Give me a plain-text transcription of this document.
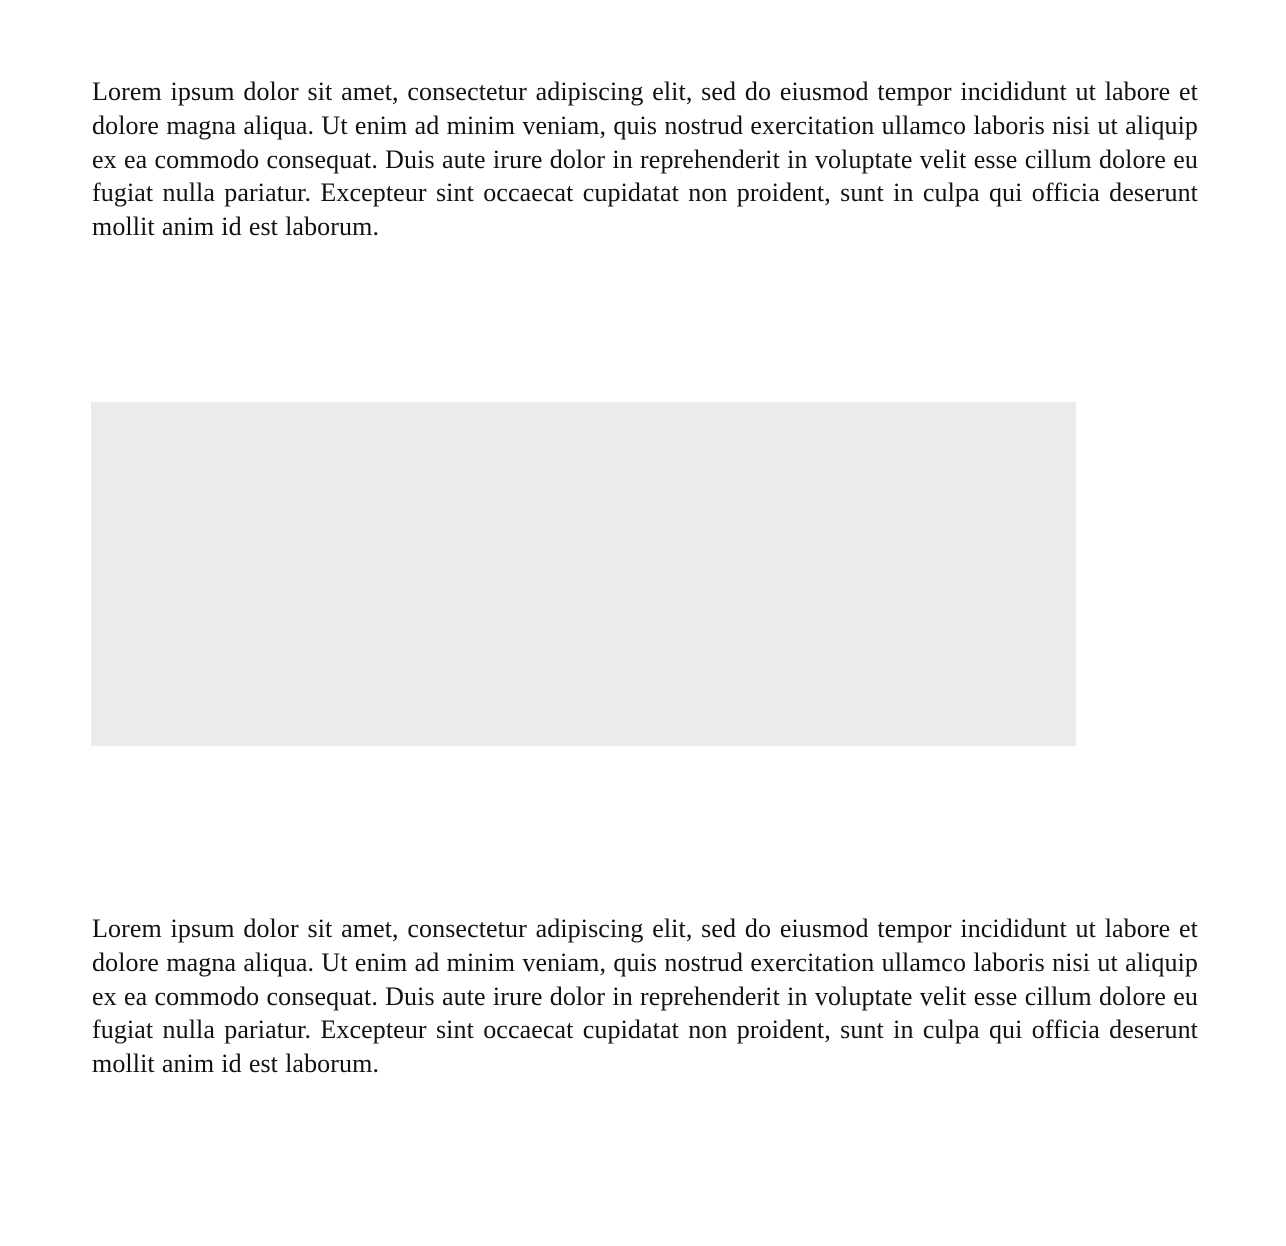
Lorem ipsum dolor sit amet, consectetur adipiscing elit, sed do eiusmod tempor incididunt ut labore et dolore magna aliqua. Ut enim ad minim veniam, quis nostrud exercitation ullamco laboris nisi ut aliquip ex ea commodo consequat. Duis aute irure dolor in reprehenderit in voluptate velit esse cillum dolore eu fugiat nulla pariatur. Excepteur sint occaecat cupidatat non proident, sunt in culpa qui officia deserunt mollit anim id est laborum.

Lorem ipsum dolor sit amet, consectetur adipiscing elit, sed do eiusmod tempor incididunt ut labore et dolore magna aliqua. Ut enim ad minim veniam, quis nostrud exercitation ullamco laboris nisi ut aliquip ex ea commodo consequat. Duis aute irure dolor in reprehenderit in voluptate velit esse cillum dolore eu fugiat nulla pariatur. Excepteur sint occaecat cupidatat non proident, sunt in culpa qui officia deserunt mollit anim id est laborum.
